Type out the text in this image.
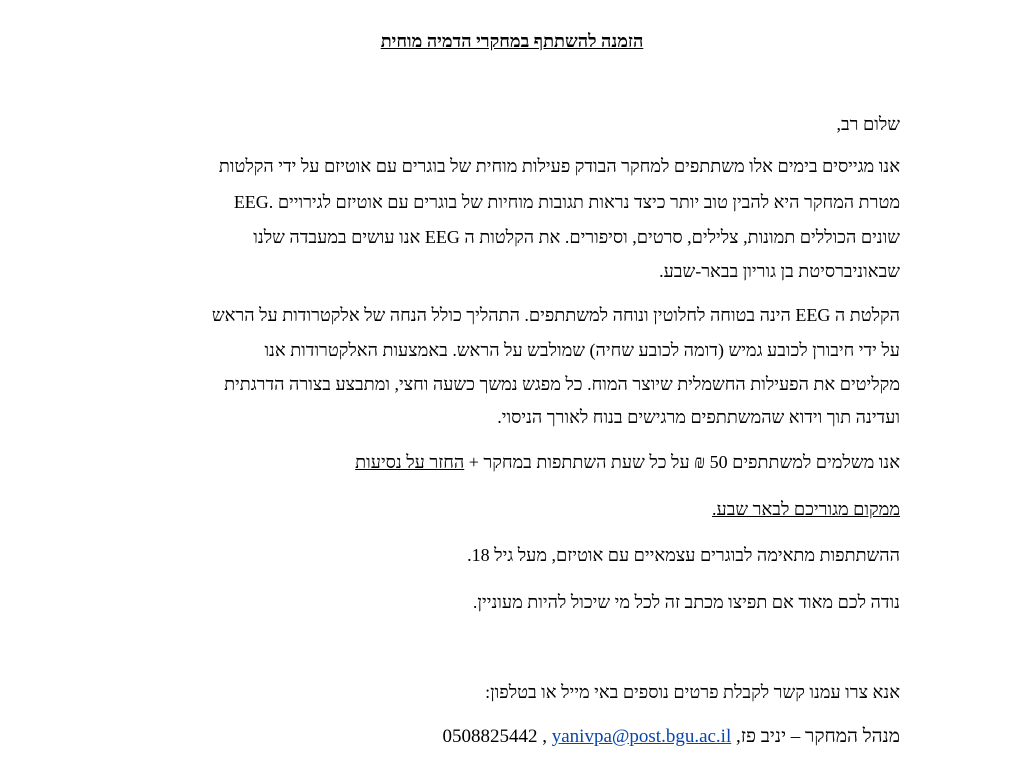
הזמנה להשתתף במחקרי הדמיה מוחית
שלום רב,
אנו מגייסים בימים אלו משתתפים למחקר הבודק פעילות מוחית של בוגרים עם אוטיזם על ידי הקלטות
EEG. מטרת המחקר היא להבין טוב יותר כיצד נראות תגובות מוחיות של בוגרים עם אוטיזם לגירויים
שונים הכוללים תמונות, צלילים, סרטים, וסיפורים. את הקלטות ה EEG אנו עושים במעבדה שלנו
שבאוניברסיטת בן גוריון בבאר-שבע.
הקלטת ה EEG הינה בטוחה לחלוטין ונוחה למשתתפים. התהליך כולל הנחה של אלקטרודות על הראש
על ידי חיבורן לכובע גמיש (דומה לכובע שחיה) שמולבש על הראש. באמצעות האלקטרודות אנו
מקליטים את הפעילות החשמלית שיוצר המוח. כל מפגש נמשך כשעה וחצי, ומתבצע בצורה הדרגתית
ועדינה תוך וידוא שהמשתתפים מרגישים בנוח לאורך הניסוי.
אנו משלמים למשתתפים 50 ₪ על כל שעת השתתפות במחקר + החזר על נסיעות
ממקום מגוריכם לבאר שבע.
ההשתתפות מתאימה לבוגרים עצמאיים עם אוטיזם, מעל גיל 18.
נודה לכם מאוד אם תפיצו מכתב זה לכל מי שיכול להיות מעוניין.
אנא צרו עמנו קשר לקבלת פרטים נוספים באי מייל או בטלפון:
מנהל המחקר – יניב פז, yanivpa@post.bgu.ac.il , 0508825442
